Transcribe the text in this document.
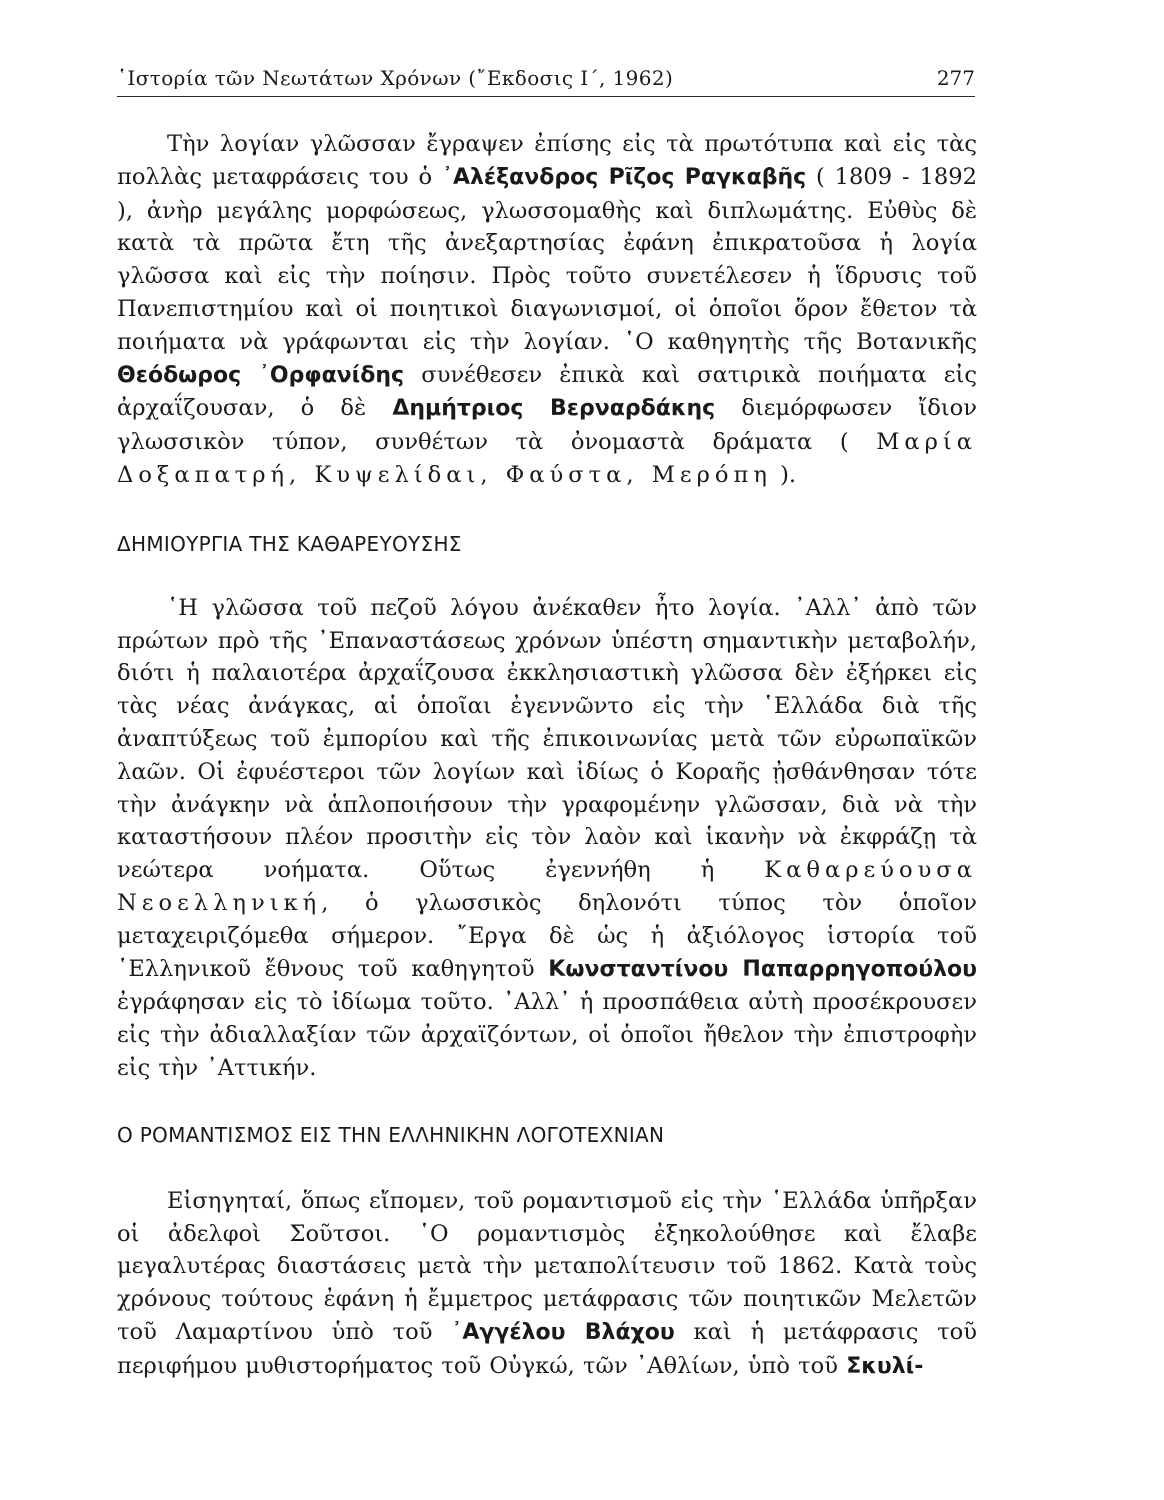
῾Ιστορία τῶν Νεωτάτων Χρόνων (῎Εκδοσις Ι΄, 1962)	277

Τὴν λογίαν γλῶσσαν ἔγραψεν ἐπίσης εἰς τὰ πρωτότυπα καὶ εἰς τὰς πολλὰς μεταφράσεις του ὁ ᾿Αλέξανδρος Ρῖζος Ραγκαβῆς ( 1809 - 1892 ), ἀνὴρ μεγάλης μορφώσεως, γλωσσομαθὴς καὶ διπλωμάτης. Εὐθὺς δὲ κατὰ τὰ πρῶτα ἔτη τῆς ἀνεξαρτησίας ἐφάνη ἐπικρατοῦσα ἡ λογία γλῶσσα καὶ εἰς τὴν ποίησιν. Πρὸς τοῦτο συνετέλεσεν ἡ ἵδρυσις τοῦ Πανεπιστημίου καὶ οἱ ποιητικοὶ διαγωνισμοί, οἱ ὁποῖοι ὅρον ἔθετον τὰ ποιήματα νὰ γράφωνται εἰς τὴν λογίαν. ῾Ο καθηγητὴς τῆς Βοτανικῆς Θεόδωρος ᾿Ορφανίδης συνέθεσεν ἐπικὰ καὶ σατιρικὰ ποιήματα εἰς ἀρχαΐζουσαν, ὁ δὲ Δημήτριος Βερναρδάκης διεμόρφωσεν ἴδιον γλωσσικὸν τύπον, συνθέτων τὰ ὀνομαστὰ δράματα ( Μαρία Δοξαπατρή, Κυψελίδαι, Φαύστα, Μερόπη ).

ΔΗΜΙΟΥΡΓΙΑ ΤΗΣ ΚΑΘΑΡΕΥΟΥΣΗΣ

῾Η γλῶσσα τοῦ πεζοῦ λόγου ἀνέκαθεν ἦτο λογία. ᾿Αλλ᾿ ἀπὸ τῶν πρώτων πρὸ τῆς ᾿Επαναστάσεως χρόνων ὑπέστη σημαντικὴν μεταβολήν, διότι ἡ παλαιοτέρα ἀρχαΐζουσα ἐκκλησιαστικὴ γλῶσσα δὲν ἐξήρκει εἰς τὰς νέας ἀνάγκας, αἱ ὁποῖαι ἐγεννῶντο εἰς τὴν ῾Ελλάδα διὰ τῆς ἀναπτύξεως τοῦ ἐμπορίου καὶ τῆς ἐπικοινωνίας μετὰ τῶν εὐρωπαϊκῶν λαῶν. Οἱ ἐφυέστεροι τῶν λογίων καὶ ἰδίως ὁ Κοραῆς ᾐσθάνθησαν τότε τὴν ἀνάγκην νὰ ἁπλοποιήσουν τὴν γραφομένην γλῶσσαν, διὰ νὰ τὴν καταστήσουν πλέον προσιτὴν εἰς τὸν λαὸν καὶ ἱκανὴν νὰ ἐκφράζῃ τὰ νεώτερα νοήματα. Οὕτως ἐγεννήθη ἡ Καθαρεύουσα Νεοελληνική, ὁ γλωσσικὸς δηλονότι τύπος τὸν ὁποῖον μεταχειριζόμεθα σήμερον. ῎Εργα δὲ ὡς ἡ ἀξιόλογος ἱστορία τοῦ ῾Ελληνικοῦ ἔθνους τοῦ καθηγητοῦ Κωνσταντίνου Παπαρρηγοπούλου ἐγράφησαν εἰς τὸ ἰδίωμα τοῦτο. ᾿Αλλ᾿ ἡ προσπάθεια αὐτὴ προσέκρουσεν εἰς τὴν ἀδιαλλαξίαν τῶν ἀρχαϊζόντων, οἱ ὁποῖοι ἤθελον τὴν ἐπιστροφὴν εἰς τὴν ᾿Αττικήν.

Ο ΡΟΜΑΝΤΙΣΜΟΣ ΕΙΣ ΤΗΝ ΕΛΛΗΝΙΚΗΝ ΛΟΓΟΤΕΧΝΙΑΝ

Εἰσηγηταί, ὅπως εἴπομεν, τοῦ ρομαντισμοῦ εἰς τὴν ῾Ελλάδα ὑπῆρξαν οἱ ἀδελφοὶ Σοῦτσοι. ῾Ο ρομαντισμὸς ἐξηκολούθησε καὶ ἔλαβε μεγαλυτέρας διαστάσεις μετὰ τὴν μεταπολίτευσιν τοῦ 1862. Κατὰ τοὺς χρόνους τούτους ἐφάνη ἡ ἔμμετρος μετάφρασις τῶν ποιητικῶν Μελετῶν τοῦ Λαμαρτίνου ὑπὸ τοῦ ᾿Αγγέλου Βλάχου καὶ ἡ μετάφρασις τοῦ περιφήμου μυθιστορήματος τοῦ Οὐγκώ, τῶν ᾿Αθλίων, ὑπὸ τοῦ Σκυλί-
